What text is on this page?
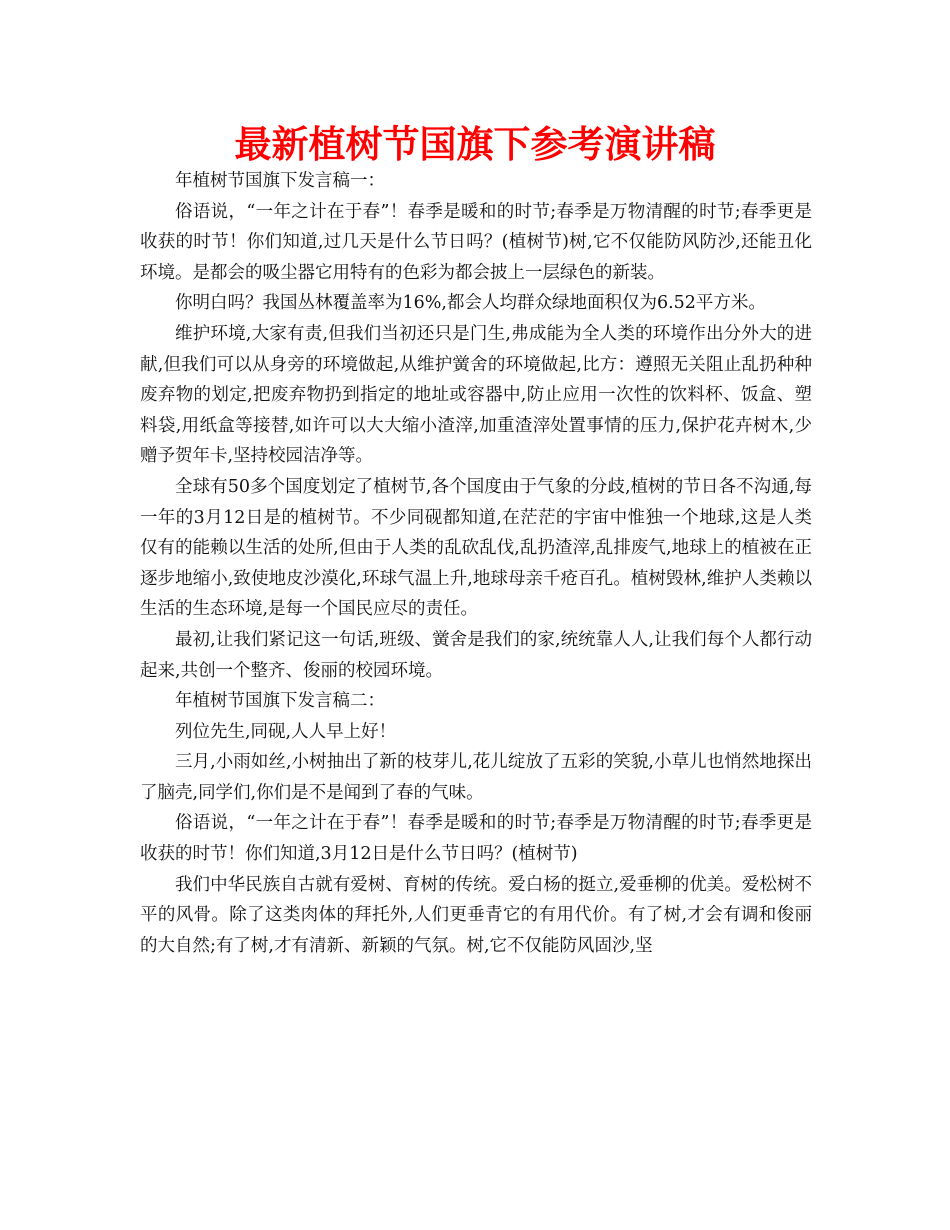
最新植树节国旗下参考演讲稿

年植树节国旗下发言稿一：

俗语说，“一年之计在于春”！春季是暖和的时节;春季是万物清醒的时节;春季更是收获的时节！你们知道,过几天是什么节日吗？(植树节)树,它不仅能防风防沙,还能丑化环境。是都会的吸尘器它用特有的色彩为都会披上一层绿色的新装。

你明白吗？我国丛林覆盖率为16%,都会人均群众绿地面积仅为6.52平方米。

维护环境,大家有责,但我们当初还只是门生,弗成能为全人类的环境作出分外大的进献,但我们可以从身旁的环境做起,从维护黉舍的环境做起,比方：遵照无关阻止乱扔种种废弃物的划定,把废弃物扔到指定的地址或容器中,防止应用一次性的饮料杯、饭盒、塑料袋,用纸盒等接替,如许可以大大缩小渣滓,加重渣滓处置事情的压力,保护花卉树木,少赠予贺年卡,坚持校园洁净等。

全球有50多个国度划定了植树节,各个国度由于气象的分歧,植树的节日各不沟通,每一年的3月12日是的植树节。不少同砚都知道,在茫茫的宇宙中惟独一个地球,这是人类仅有的能赖以生活的处所,但由于人类的乱砍乱伐,乱扔渣滓,乱排废气,地球上的植被在正逐步地缩小,致使地皮沙漠化,环球气温上升,地球母亲千疮百孔。植树毁林,维护人类赖以生活的生态环境,是每一个国民应尽的责任。

最初,让我们紧记这一句话,班级、黉舍是我们的家,统统靠人人,让我们每个人都行动起来,共创一个整齐、俊丽的校园环境。

年植树节国旗下发言稿二：

列位先生,同砚,人人早上好！

三月,小雨如丝,小树抽出了新的枝芽儿,花儿绽放了五彩的笑貌,小草儿也悄然地探出了脑壳,同学们,你们是不是闻到了春的气味。

俗语说，“一年之计在于春”！春季是暖和的时节;春季是万物清醒的时节;春季更是收获的时节！你们知道,3月12日是什么节日吗？(植树节)

我们中华民族自古就有爱树、育树的传统。爱白杨的挺立,爱垂柳的优美。爱松树不平的风骨。除了这类肉体的拜托外,人们更垂青它的有用代价。有了树,才会有调和俊丽的大自然;有了树,才有清新、新颖的气氛。树,它不仅能防风固沙,坚
